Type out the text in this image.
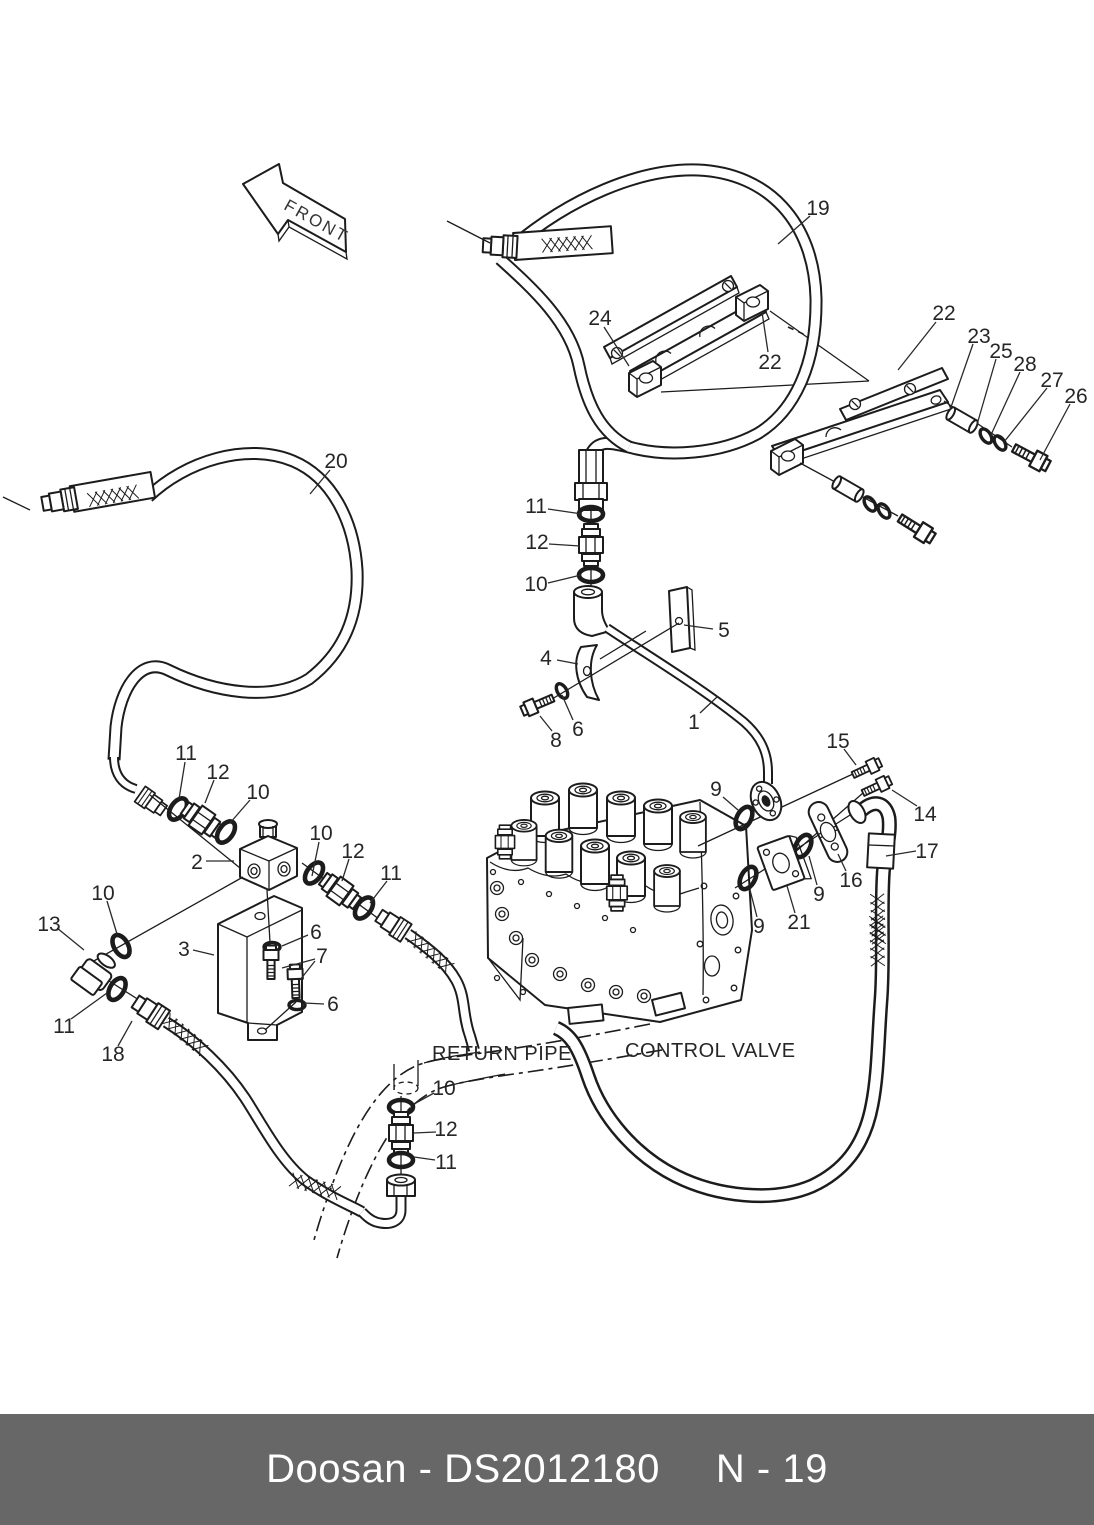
FRONT	19
24
22
22
23
25
28
27
26
20
11
12
10
5
4
6
8
1
15
9
14
17
16
9
9 21
2
10
12
11
11
12
10
10
13
3
6
7
6
11
18
10
12
11
RETURN PIPE	CONTROL VALVE
Doosan - DS2012180 N - 19
